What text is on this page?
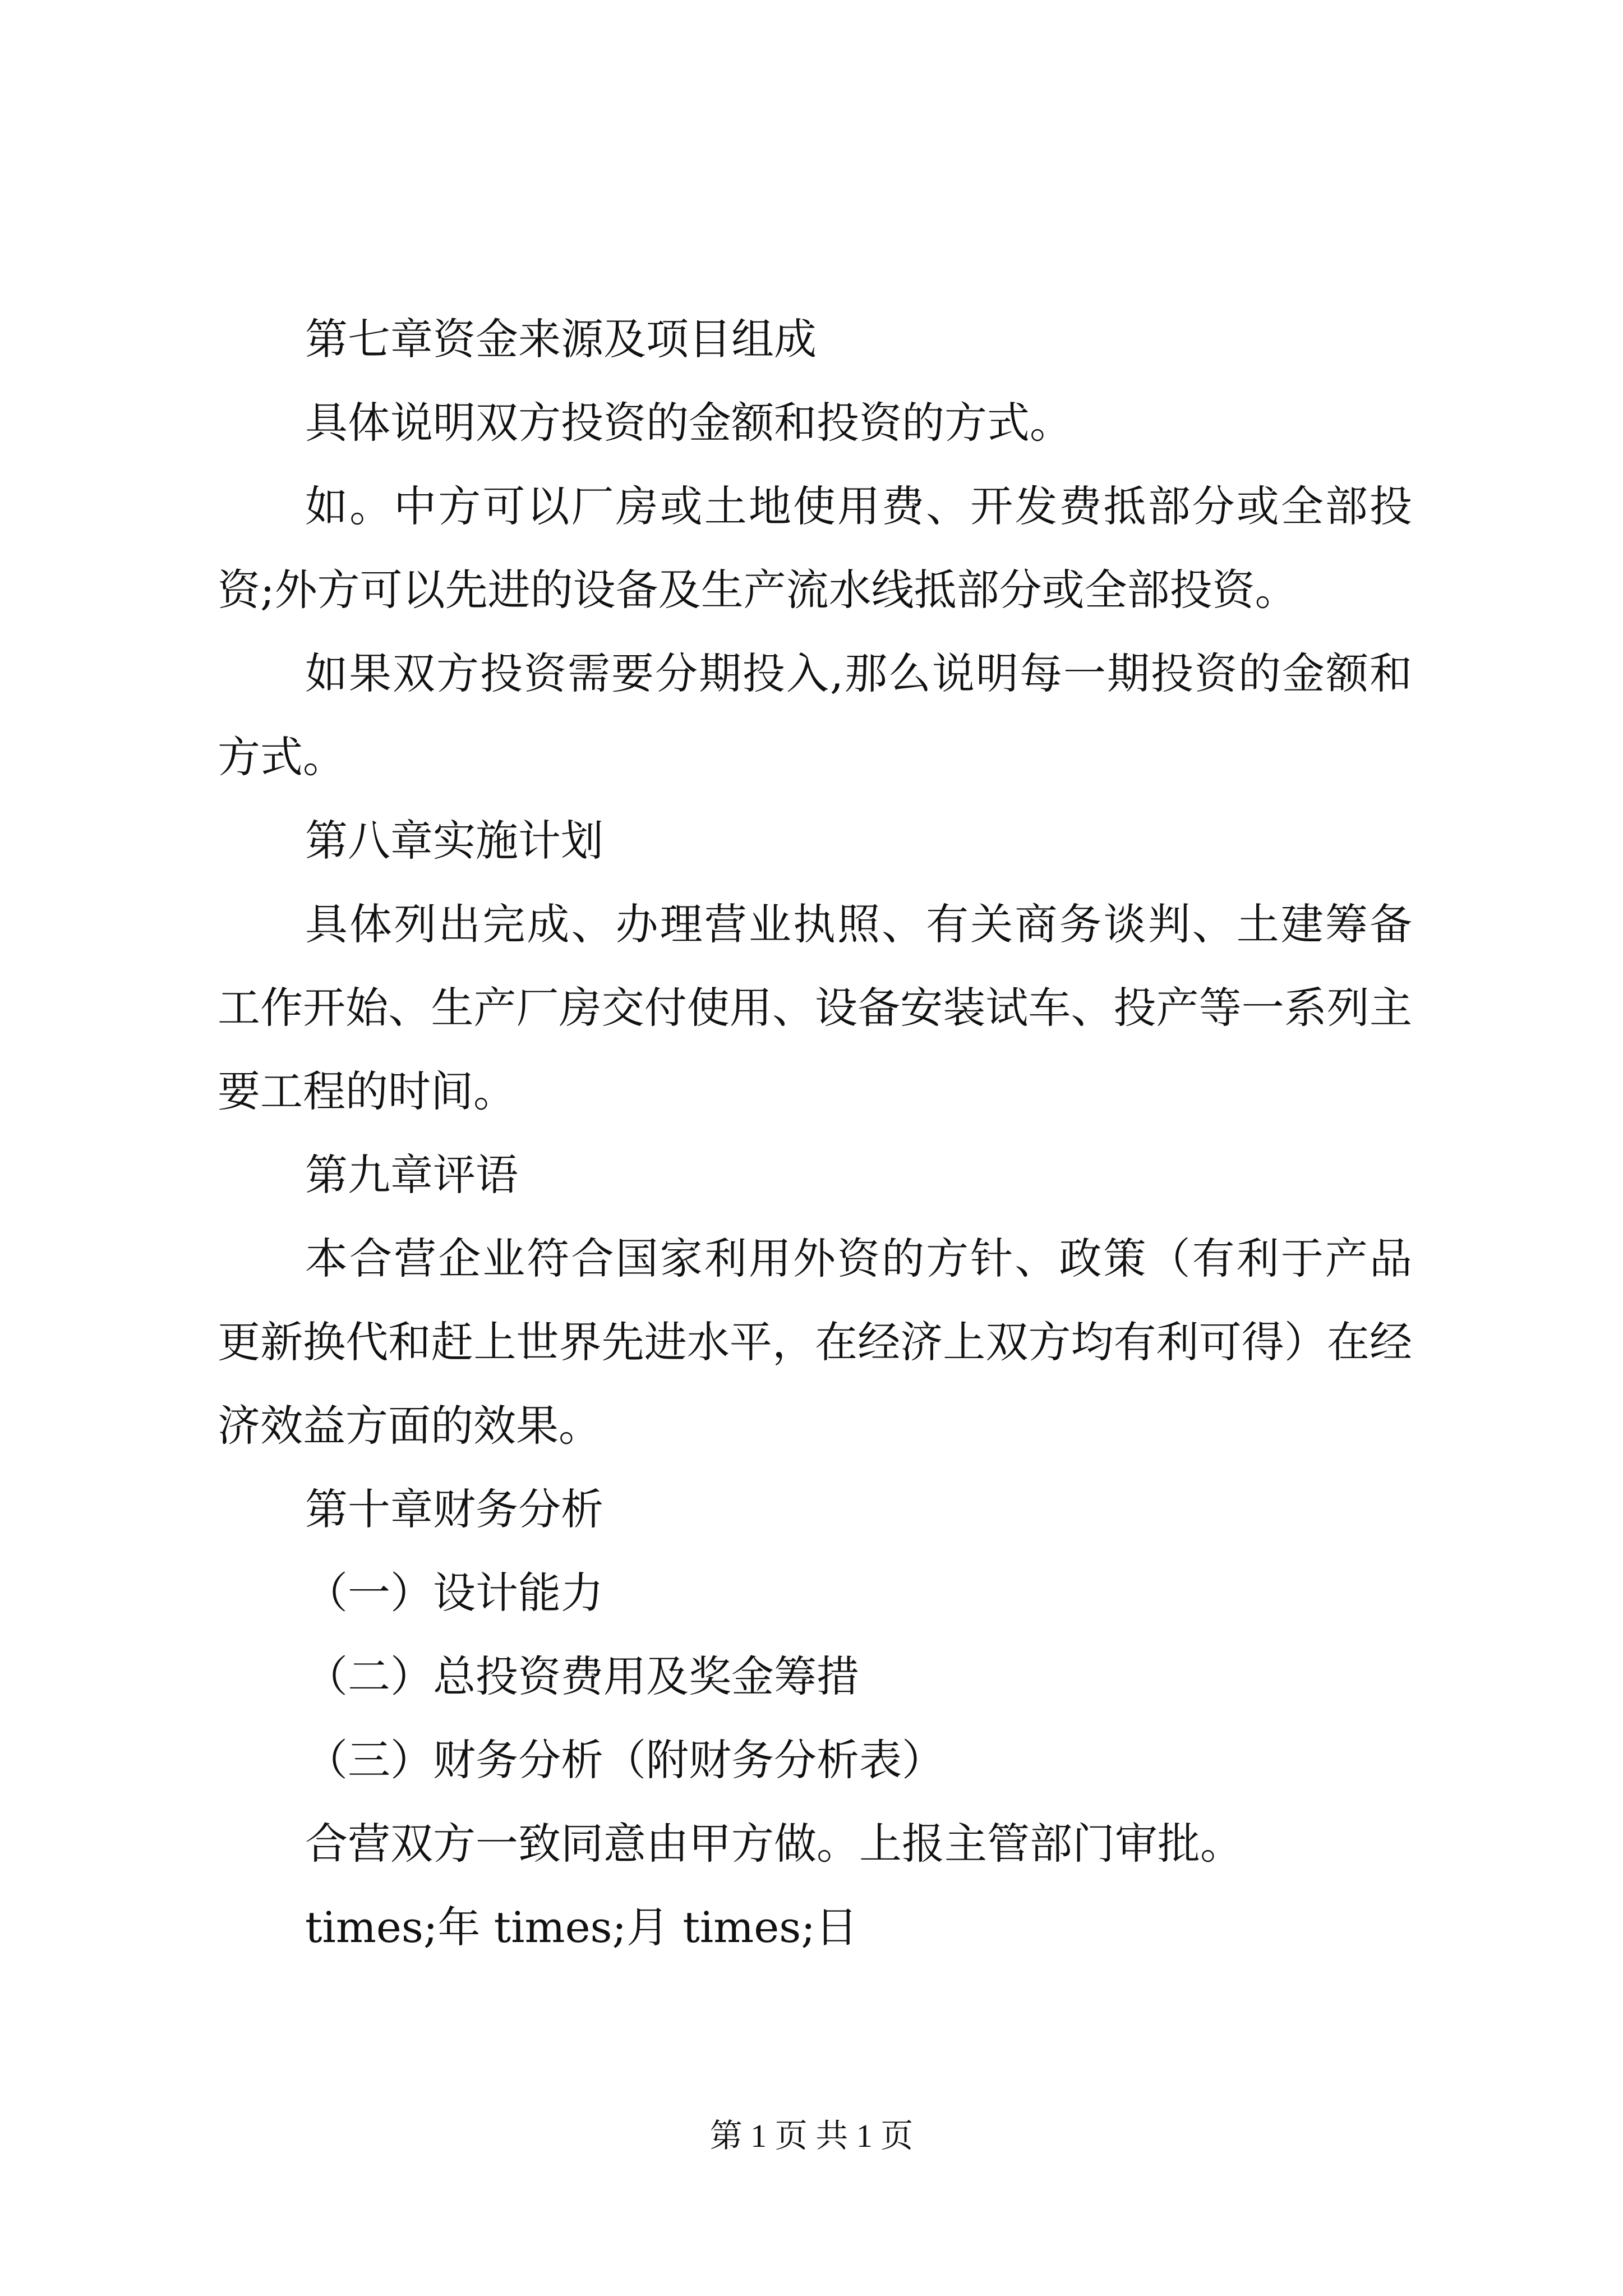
第七章资金来源及项目组成

具体说明双方投资的金额和投资的方式。

如。中方可以厂房或土地使用费、开发费抵部分或全部投资;外方可以先进的设备及生产流水线抵部分或全部投资。

如果双方投资需要分期投入,那么说明每一期投资的金额和方式。

第八章实施计划

具体列出完成、办理营业执照、有关商务谈判、土建筹备工作开始、生产厂房交付使用、设备安装试车、投产等一系列主要工程的时间。

第九章评语

本合营企业符合国家利用外资的方针、政策（有利于产品更新换代和赶上世界先进水平，在经济上双方均有利可得）在经济效益方面的效果。

第十章财务分析

（一）设计能力

（二）总投资费用及奖金筹措

（三）财务分析（附财务分析表）

合营双方一致同意由甲方做。上报主管部门审批。

times;年 times;月 times;日

第 1 页 共 1 页
